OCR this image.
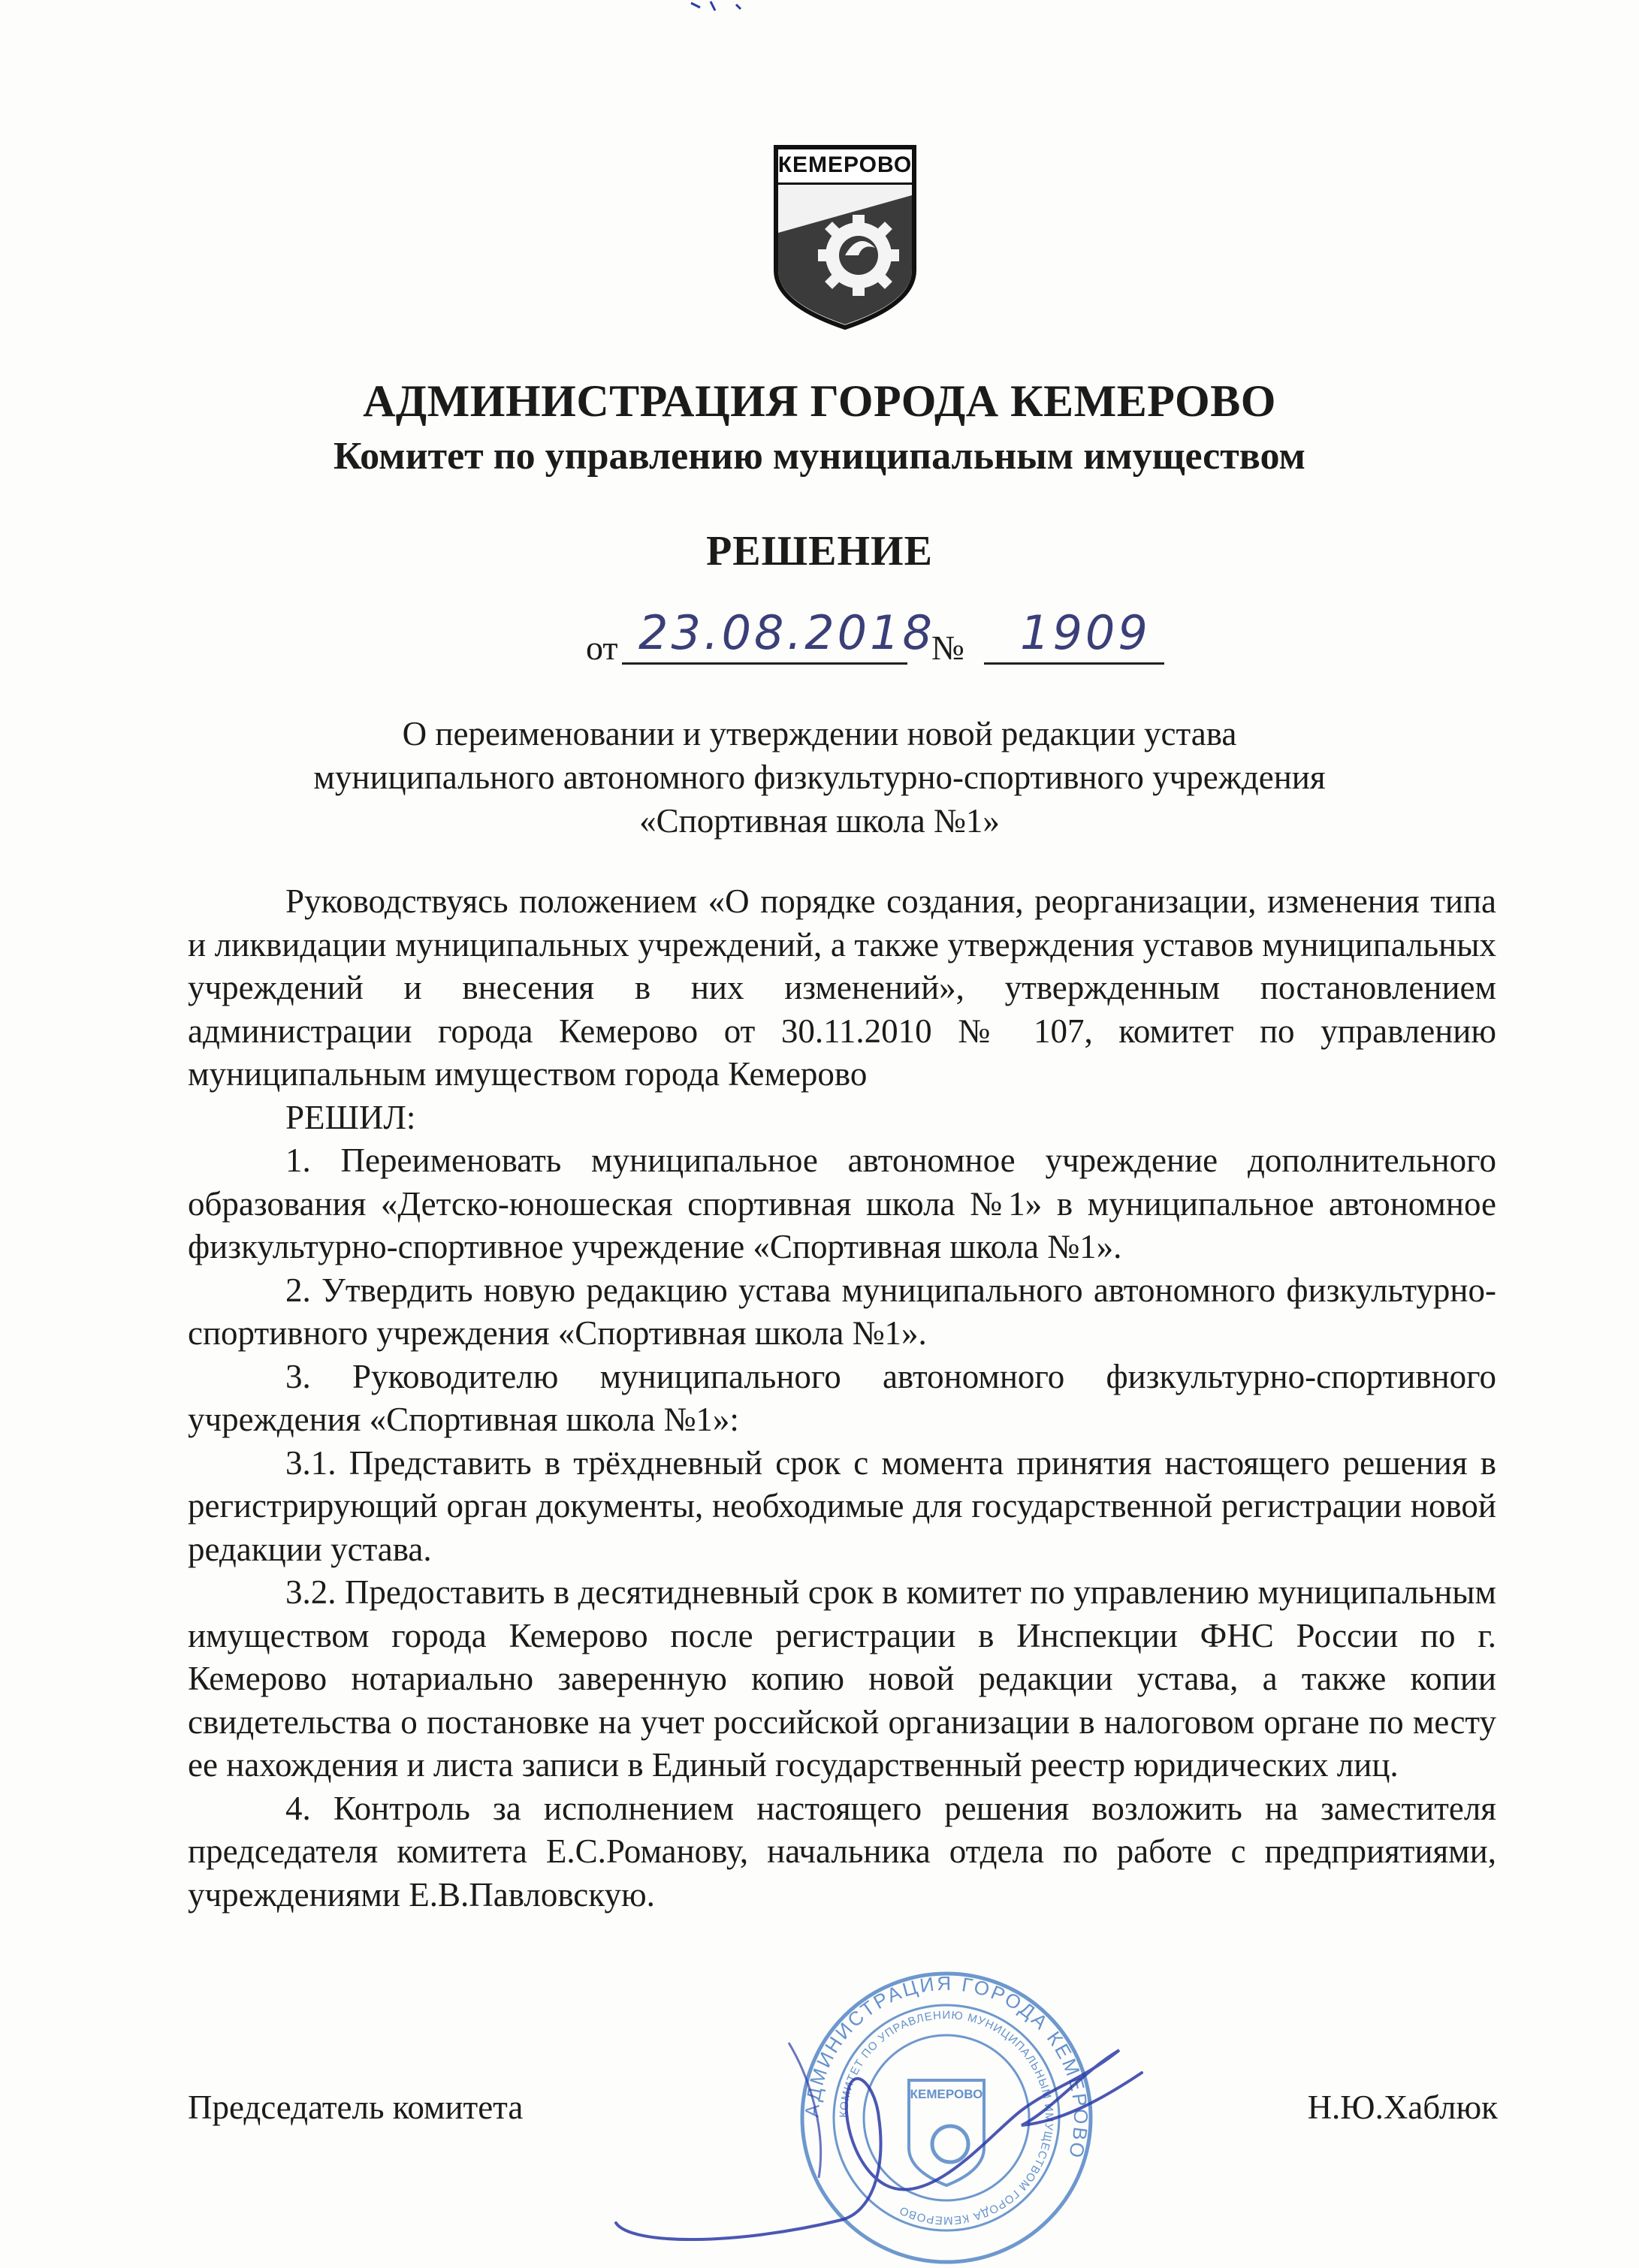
КЕМЕРОВО
АДМИНИСТРАЦИЯ ГОРОДА КЕМЕРОВО
Комитет по управлению муниципальным имуществом
РЕШЕНИЕ
от 23.08.2018
№ 1909
О переименовании и утверждении новой редакции устава
муниципального автономного физкультурно-спортивного учреждения
«Спортивная школа №1»

Руководствуясь положением «О порядке создания, реорганизации, изменения типа и ликвидации муниципальных учреждений, а также утверждения уставов муниципальных учреждений и внесения в них изменений», утвержденным постановлением администрации города Кемерово от 30.11.2010 № 107, комитет по управлению муниципальным имуществом города Кемерово

РЕШИЛ:

1. Переименовать муниципальное автономное учреждение дополнительного образования «Детско-юношеская спортивная школа №1» в муниципальное автономное физкультурно-спортивное учреждение «Спортивная школа №1».

2. Утвердить новую редакцию устава муниципального автономного физкультурно-спортивного учреждения «Спортивная школа №1».

3. Руководителю муниципального автономного физкультурно-спортивного учреждения «Спортивная школа №1»:

3.1. Представить в трёхдневный срок с момента принятия настоящего решения в регистрирующий орган документы, необходимые для государственной регистрации новой редакции устава.

3.2. Предоставить в десятидневный срок в комитет по управлению муниципальным имуществом города Кемерово после регистрации в Инспекции ФНС России по г. Кемерово нотариально заверенную копию новой редакции устава, а также копии свидетельства о постановке на учет российской организации в налоговом органе по месту ее нахождения и листа записи в Единый государственный реестр юридических лиц.

4. Контроль за исполнением настоящего решения возложить на заместителя председателя комитета Е.С.Романову, начальника отдела по работе с предприятиями, учреждениями Е.В.Павловскую.

АДМИНИСТРАЦИЯ ГОРОДА КЕМЕРОВО
КОМИТЕТ ПО УПРАВЛЕНИЮ МУНИЦИПАЛЬНЫМ ИМУЩЕСТВОМ ГОРОДА КЕМЕРОВО
КЕМЕРОВО
Председатель комитета	Н.Ю.Хаблюк
